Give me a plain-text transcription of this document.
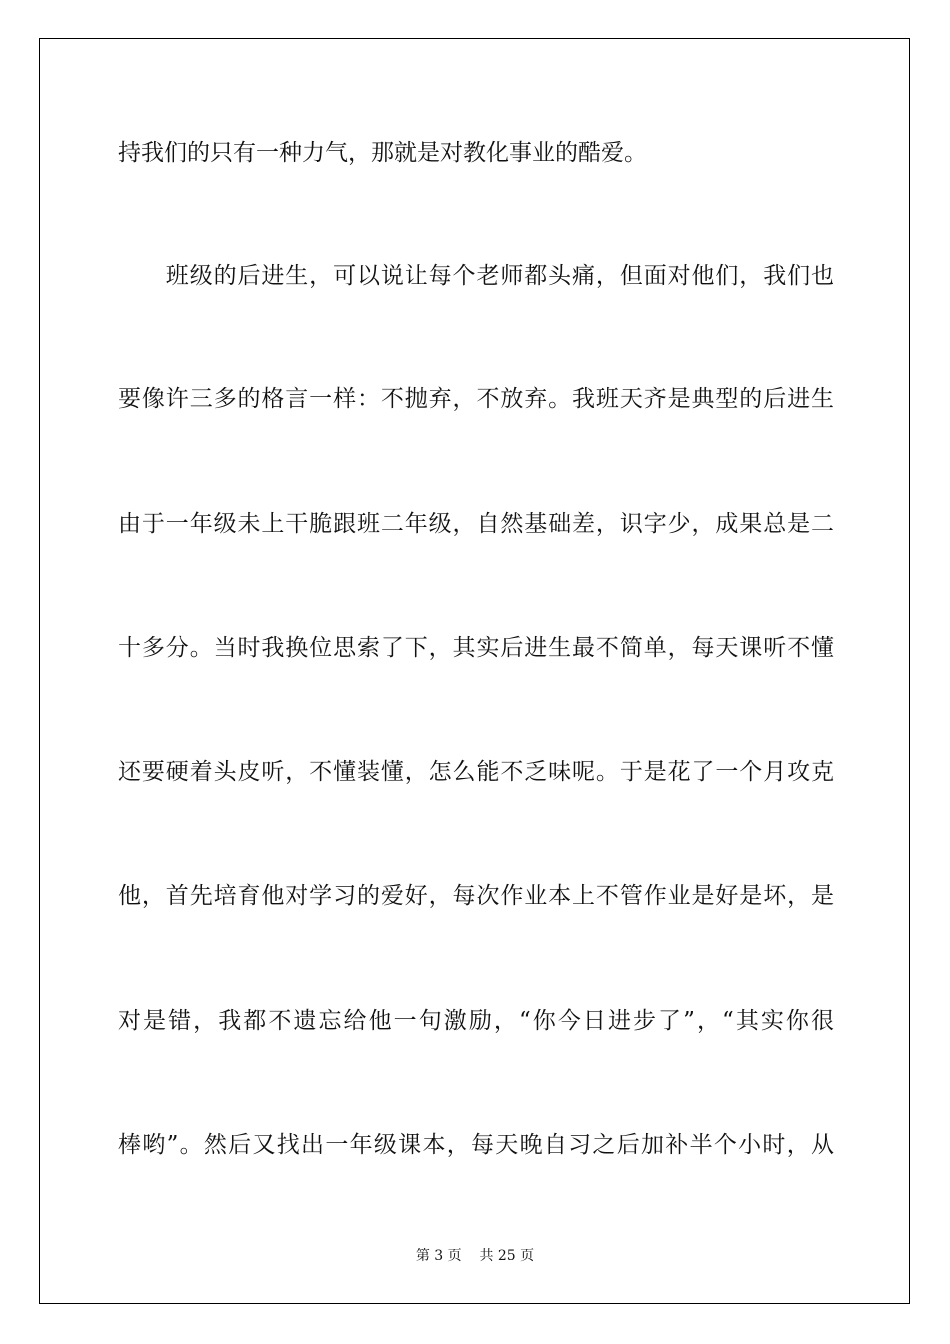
持我们的只有一种力气，那就是对教化事业的酷爱。
　　班级的后进生，可以说让每个老师都头痛，但面对他们，我们也
要像许三多的格言一样：不抛弃，不放弃。我班天齐是典型的后进生
由于一年级未上干脆跟班二年级，自然基础差，识字少，成果总是二
十多分。当时我换位思索了下，其实后进生最不简单，每天课听不懂
还要硬着头皮听，不懂装懂，怎么能不乏味呢。于是花了一个月攻克
他，首先培育他对学习的爱好，每次作业本上不管作业是好是坏，是
对是错，我都不遗忘给他一句激励，“你今日进步了”，“其实你很
棒哟”。然后又找出一年级课本，每天晚自习之后加补半个小时，从
第 3 页 共 25 页
